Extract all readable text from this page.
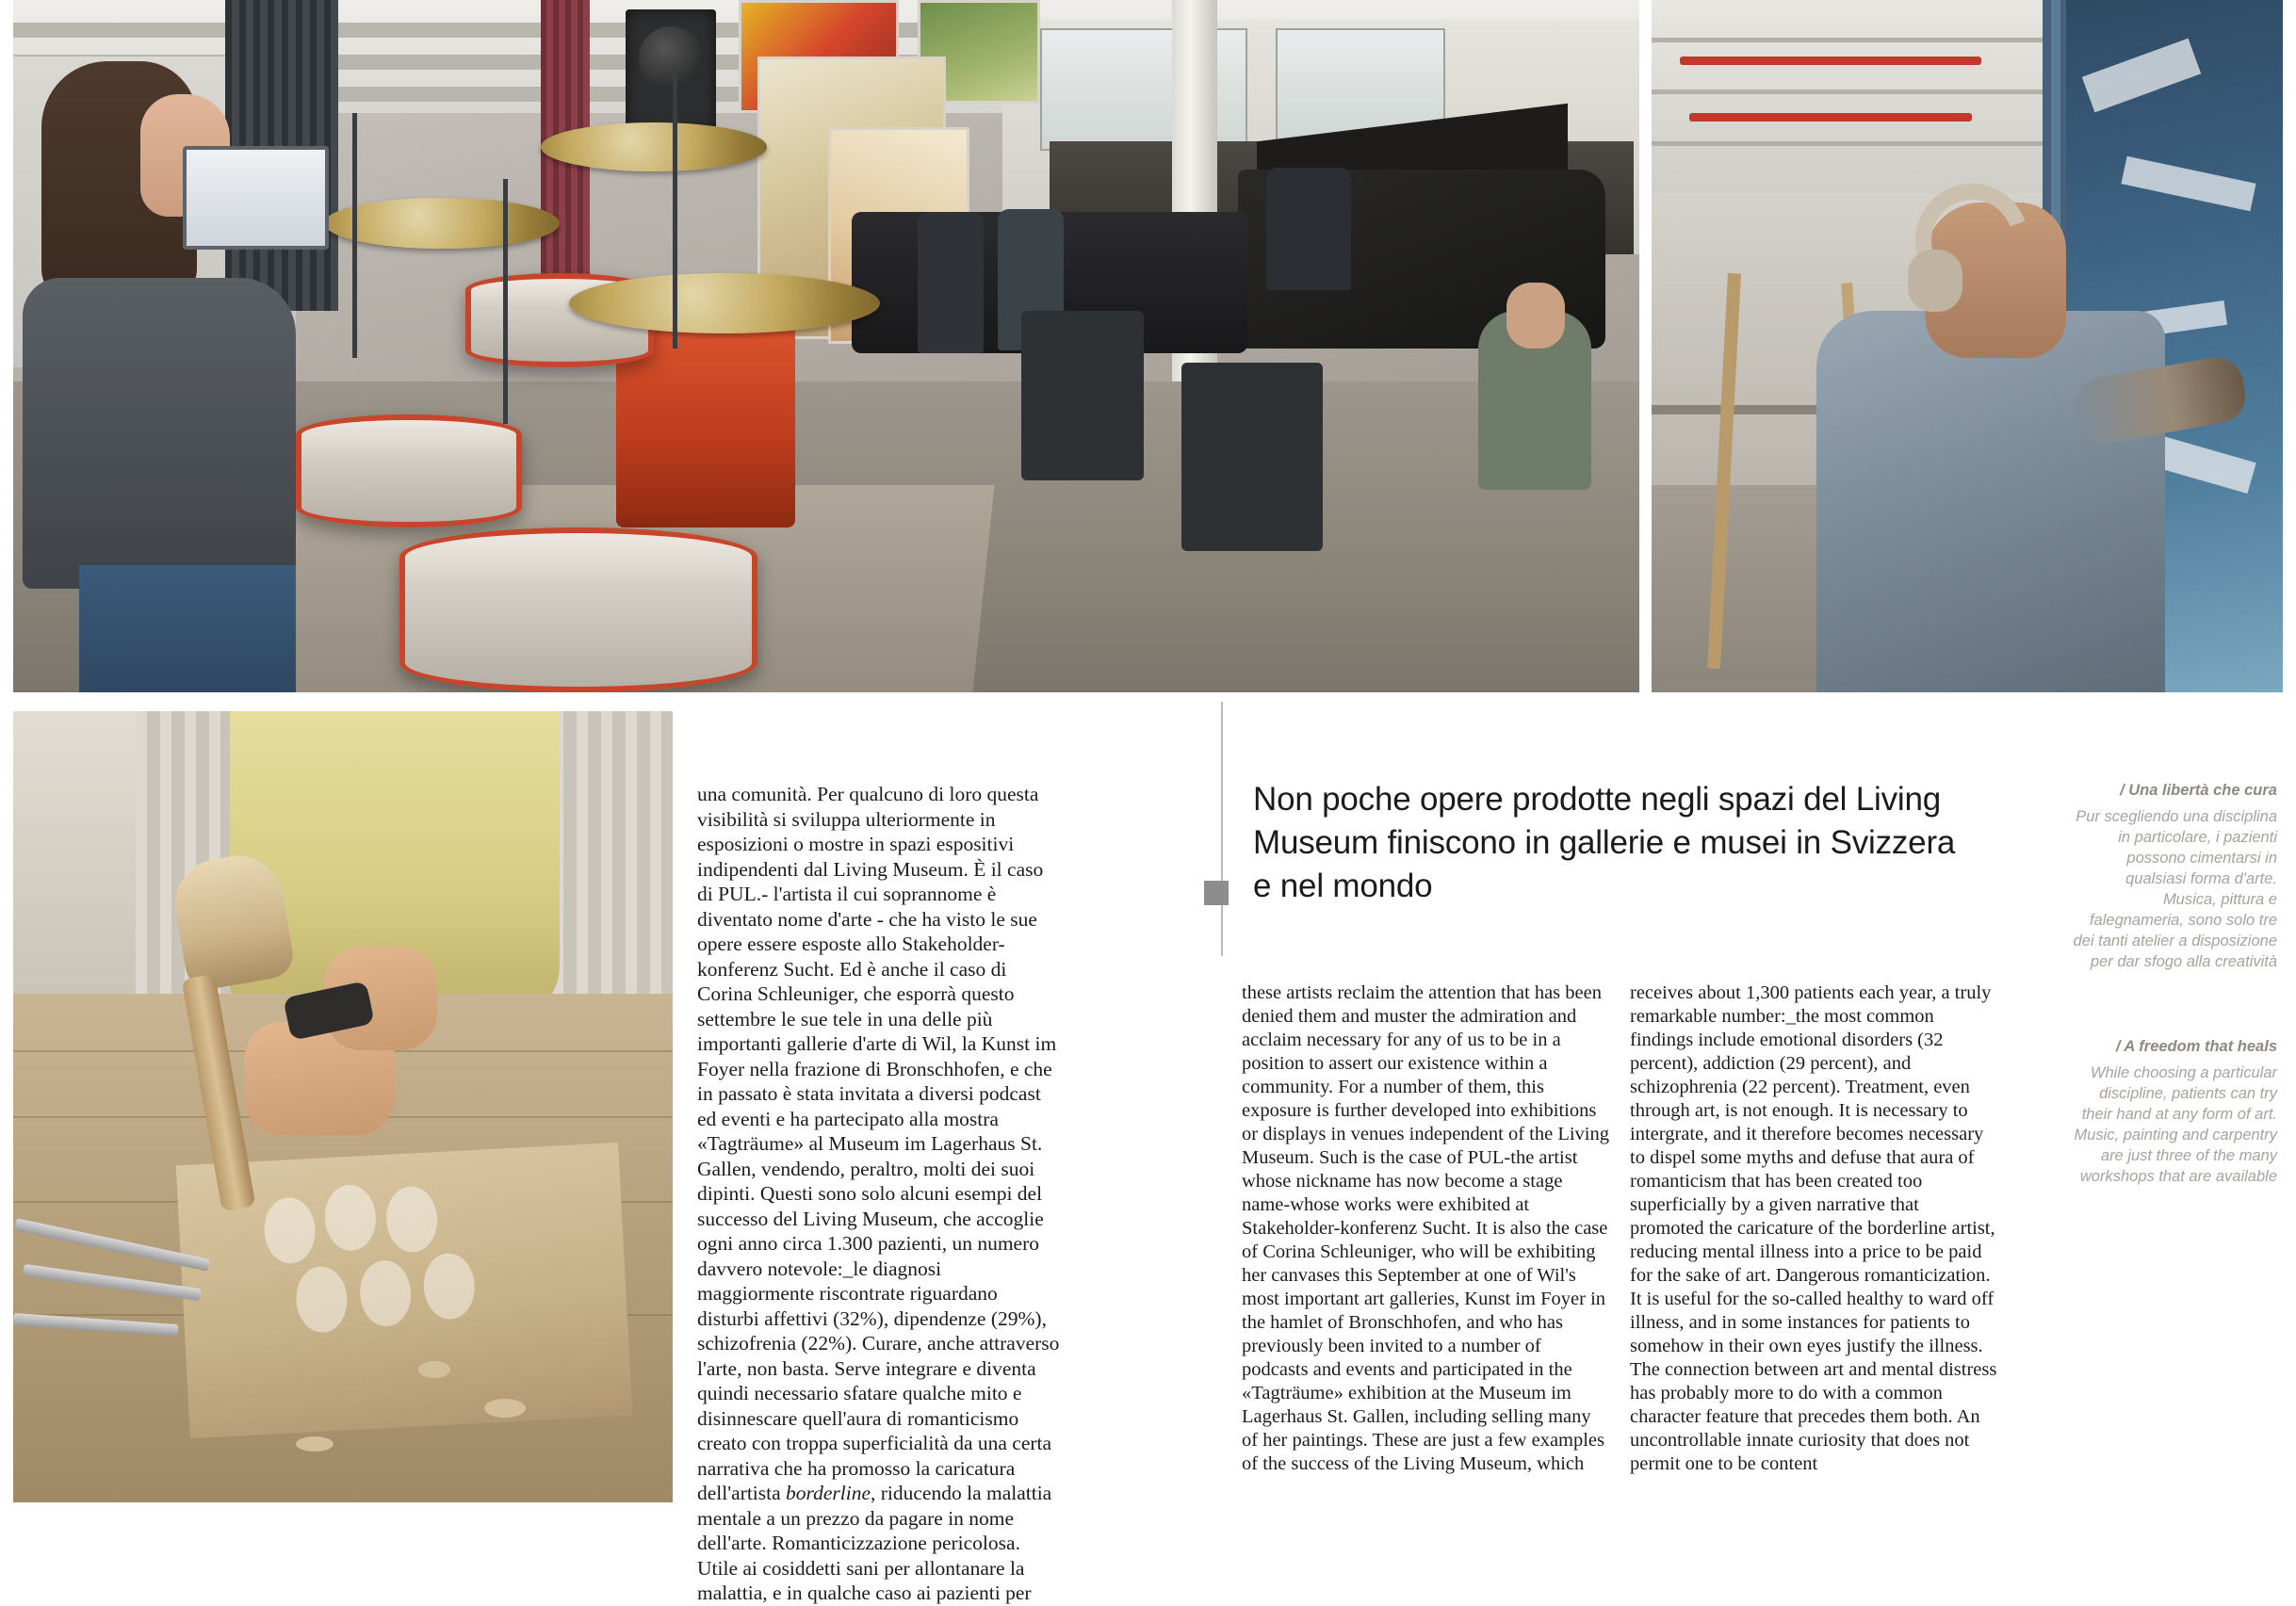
una comunità. Per qualcuno di loro questa visibilità si sviluppa ulteriormente in esposizioni o mostre in spazi espositivi indipendenti dal Living Museum. È il caso di PUL.- l'artista il cui soprannome è diventato nome d'arte - che ha visto le sue opere essere esposte allo Stakeholder-konferenz Sucht. Ed è anche il caso di Corina Schleuniger, che esporrà questo settembre le sue tele in una delle più importanti gallerie d'arte di Wil, la Kunst im Foyer nella frazione di Bronschhofen, e che in passato è stata invitata a diversi podcast ed eventi e ha partecipato alla mostra «Tagträume» al Museum im Lagerhaus St. Gallen, vendendo, peraltro, molti dei suoi dipinti. Questi sono solo alcuni esempi del successo del Living Museum, che accoglie ogni anno circa 1.300 pazienti, un numero davvero notevole:_le diagnosi maggiormente riscontrate riguardano disturbi affettivi (32%), dipendenze (29%), schizofrenia (22%). Curare, anche attraverso l'arte, non basta. Serve integrare e diventa quindi necessario sfatare qualche mito e disinnescare quell'aura di romanticismo creato con troppa superficialità da una certa narrativa che ha promosso la caricatura dell'artista borderline, riducendo la malattia mentale a un prezzo da pagare in nome dell'arte. Romanticizzazione pericolosa. Utile ai cosiddetti sani per allontanare la malattia, e in qualche caso ai pazienti per
Non poche opere prodotte negli spazi del Living Museum finiscono in gallerie e musei in Svizzera e nel mondo
these artists reclaim the attention that has been denied them and muster the admiration and acclaim necessary for any of us to be in a position to assert our existence within a community. For a number of them, this exposure is further developed into exhibitions or displays in venues independent of the Living Museum. Such is the case of PUL-the artist whose nickname has now become a stage name-whose works were exhibited at Stakeholder-konferenz Sucht. It is also the case of Corina Schleuniger, who will be exhibiting her canvases this September at one of Wil's most important art galleries, Kunst im Foyer in the hamlet of Bronschhofen, and who has previously been invited to a number of podcasts and events and participated in the «Tagträume» exhibition at the Museum im Lagerhaus St. Gallen, including selling many of her paintings. These are just a few examples of the success of the Living Museum, which
receives about 1,300 patients each year, a truly remarkable number:_the most common findings include emotional disorders (32 percent), addiction (29 percent), and schizophrenia (22 percent). Treatment, even through art, is not enough. It is necessary to intergrate, and it therefore becomes necessary to dispel some myths and defuse that aura of romanticism that has been created too superficially by a given narrative that promoted the caricature of the borderline artist, reducing mental illness into a price to be paid for the sake of art. Dangerous romanticization. It is useful for the so-called healthy to ward off illness, and in some instances for patients to somehow in their own eyes justify the illness. The connection between art and mental distress has probably more to do with a common character feature that precedes them both. An uncontrollable innate curiosity that does not permit one to be content
/ Una libertà che cura
Pur scegliendo una disciplina in particolare, i pazienti possono cimentarsi in qualsiasi forma d'arte. Musica, pittura e falegnameria, sono solo tre dei tanti atelier a disposizione per dar sfogo alla creatività
/ A freedom that heals
While choosing a particular discipline, patients can try their hand at any form of art. Music, painting and carpentry are just three of the many workshops that are available
